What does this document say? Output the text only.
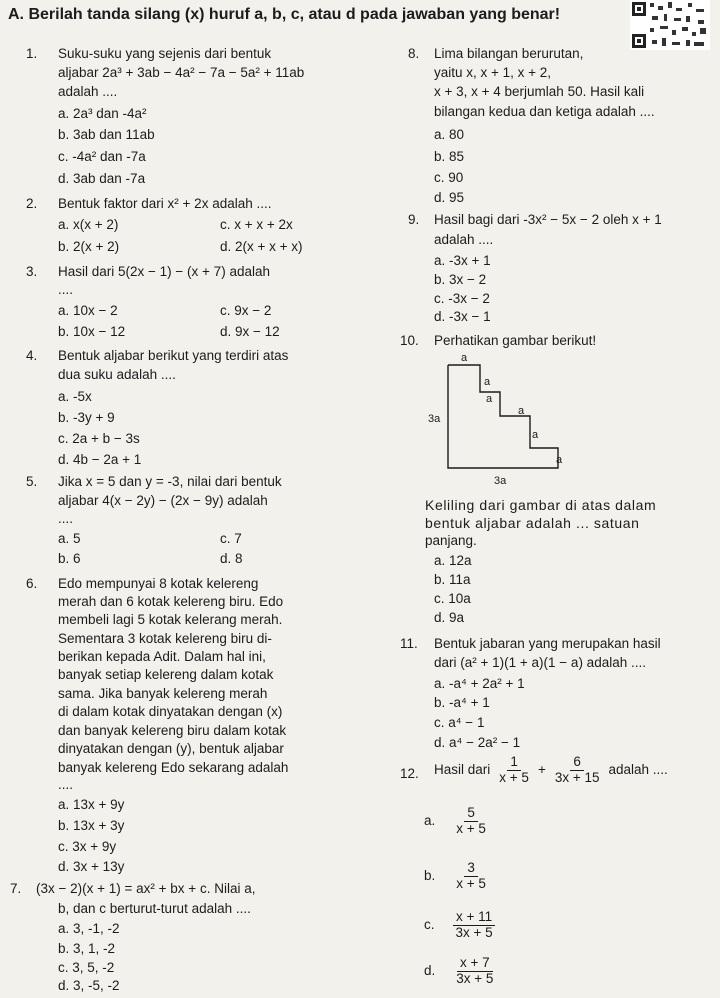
A. Berilah tanda silang (x) huruf a, b, c, atau d pada jawaban yang benar!
1. Suku-suku yang sejenis dari bentuk
aljabar 2a³ + 3ab − 4a² − 7a − 5a² + 11ab
adalah ....
a. 2a³ dan -4a²
b. 3ab dan 11ab
c. -4a² dan -7a
d. 3ab dan -7a
2. Bentuk faktor dari x² + 2x adalah ....
a. x(x + 2)	c. x + x + 2x
b. 2(x + 2)	d. 2(x + x + x)
3. Hasil dari 5(2x − 1) − (x + 7) adalah
....
a. 10x − 2	c. 9x − 2
b. 10x − 12	d. 9x − 12
4. Bentuk aljabar berikut yang terdiri atas
dua suku adalah ....
a. -5x
b. -3y + 9
c. 2a + b − 3s
d. 4b − 2a + 1
5. Jika x = 5 dan y = -3, nilai dari bentuk
aljabar 4(x − 2y) − (2x − 9y) adalah
....
a. 5	c. 7
b. 6	d. 8
6. Edo mempunyai 8 kotak kelereng
merah dan 6 kotak kelereng biru. Edo
membeli lagi 5 kotak kelerang merah.
Sementara 3 kotak kelereng biru di-
berikan kepada Adit. Dalam hal ini,
banyak setiap kelereng dalam kotak
sama. Jika banyak kelereng merah
di dalam kotak dinyatakan dengan (x)
dan banyak kelereng biru dalam kotak
dinyatakan dengan (y), bentuk aljabar
banyak kelereng Edo sekarang adalah
....
a. 13x + 9y
b. 13x + 3y
c. 3x + 9y
d. 3x + 13y
7. (3x − 2)(x + 1) = ax² + bx + c. Nilai a,
b, dan c berturut-turut adalah ....
a. 3, -1, -2
b. 3, 1, -2
c. 3, 5, -2
d. 3, -5, -2
8. Lima bilangan berurutan,
yaitu x, x + 1, x + 2,
x + 3, x + 4 berjumlah 50. Hasil kali
bilangan kedua dan ketiga adalah ....
a. 80
b. 85
c. 90
d. 95
9. Hasil bagi dari -3x² − 5x − 2 oleh x + 1
adalah ....
a. -3x + 1
b. 3x − 2
c. -3x − 2
d. -3x − 1
10. Perhatikan gambar berikut!
a
a
a
a
a
a
3a
3a
Keliling dari gambar di atas dalam
bentuk aljabar adalah ... satuan
panjang.
a. 12a
b. 11a
c. 10a
d. 9a
11. Bentuk jabaran yang merupakan hasil
dari (a² + 1)(1 + a)(1 − a) adalah ....
a. -a⁴ + 2a² + 1
b. -a⁴ + 1
c. a⁴ − 1
d. a⁴ − 2a² − 1
12. Hasil dari $\frac{1}{x + 5} + \frac{6}{3x + 15}$ adalah ....
a. $\frac{5}{x + 5}$
b. $\frac{3}{x + 5}$
c. $\frac{x + 11}{3x + 5}$
d. $\frac{x + 7}{3x + 5}$
